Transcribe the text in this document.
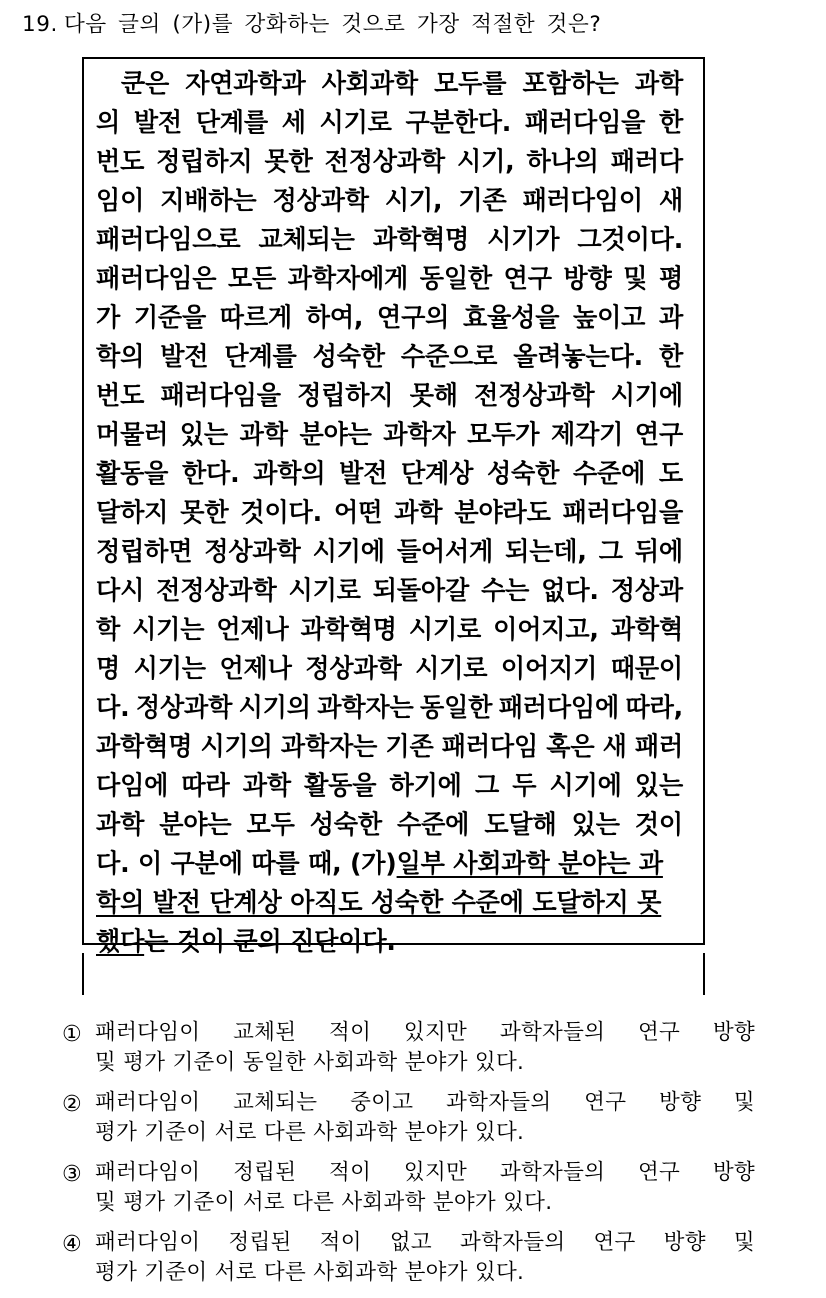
19. 다음 글의 (가)를 강화하는 것으로 가장 적절한 것은?
　쿤은 자연과학과 사회과학 모두를 포함하는 과학
의 발전 단계를 세 시기로 구분한다. 패러다임을 한
번도 정립하지 못한 전정상과학 시기, 하나의 패러다
임이 지배하는 정상과학 시기, 기존 패러다임이 새
패러다임으로 교체되는 과학혁명 시기가 그것이다.
패러다임은 모든 과학자에게 동일한 연구 방향 및 평
가 기준을 따르게 하여, 연구의 효율성을 높이고 과
학의 발전 단계를 성숙한 수준으로 올려놓는다. 한
번도 패러다임을 정립하지 못해 전정상과학 시기에
머물러 있는 과학 분야는 과학자 모두가 제각기 연구
활동을 한다. 과학의 발전 단계상 성숙한 수준에 도
달하지 못한 것이다. 어떤 과학 분야라도 패러다임을
정립하면 정상과학 시기에 들어서게 되는데, 그 뒤에
다시 전정상과학 시기로 되돌아갈 수는 없다. 정상과
학 시기는 언제나 과학혁명 시기로 이어지고, 과학혁
명 시기는 언제나 정상과학 시기로 이어지기 때문이
다. 정상과학 시기의 과학자는 동일한 패러다임에 따라,
과학혁명 시기의 과학자는 기존 패러다임 혹은 새 패러
다임에 따라 과학 활동을 하기에 그 두 시기에 있는
과학 분야는 모두 성숙한 수준에 도달해 있는 것이
다. 이 구분에 따를 때, (가)일부 사회과학 분야는 과
학의 발전 단계상 아직도 성숙한 수준에 도달하지 못
했다는 것이 쿤의 진단이다.
① 패러다임이 교체된 적이 있지만 과학자들의 연구 방향
및 평가 기준이 동일한 사회과학 분야가 있다.
② 패러다임이 교체되는 중이고 과학자들의 연구 방향 및
평가 기준이 서로 다른 사회과학 분야가 있다.
③ 패러다임이 정립된 적이 있지만 과학자들의 연구 방향
및 평가 기준이 서로 다른 사회과학 분야가 있다.
④ 패러다임이 정립된 적이 없고 과학자들의 연구 방향 및
평가 기준이 서로 다른 사회과학 분야가 있다.
